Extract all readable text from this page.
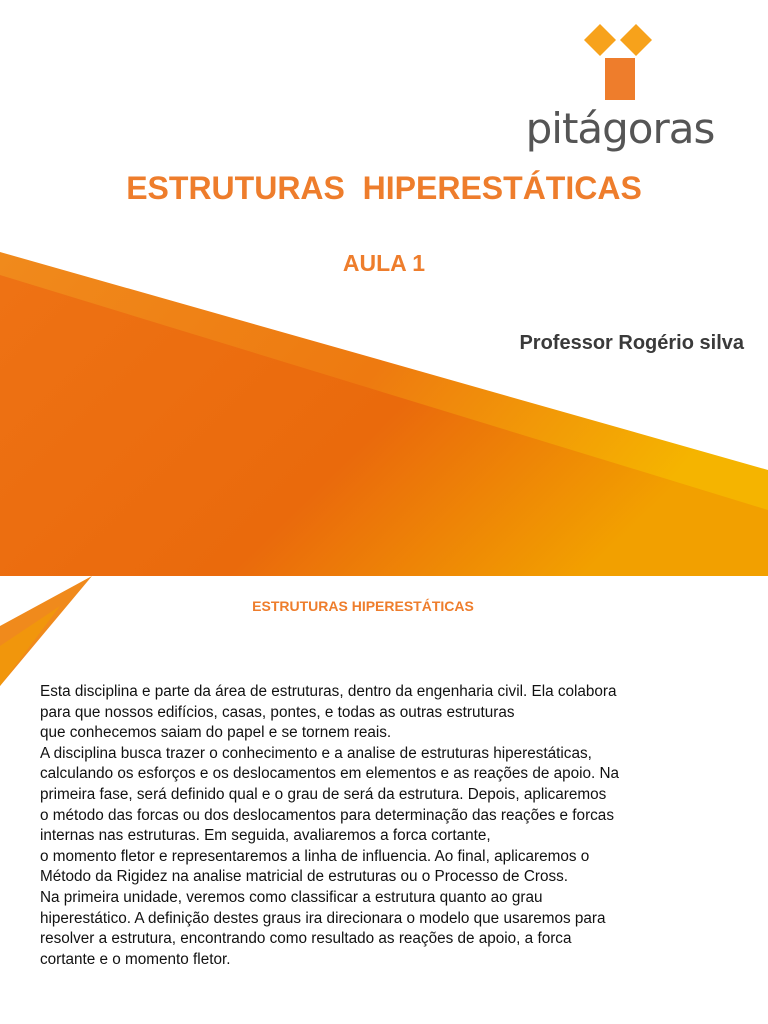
pitágoras
ESTRUTURAS  HIPERESTÁTICAS
AULA 1
Professor Rogério silva
ESTRUTURAS HIPERESTÁTICAS
Esta disciplina e parte da área de estruturas, dentro da engenharia civil. Ela colabora
para que nossos edifícios, casas, pontes, e todas as outras estruturas
que conhecemos saiam do papel e se tornem reais.
A disciplina busca trazer o conhecimento e a analise de estruturas hiperestáticas,
calculando os esforços e os deslocamentos em elementos e as reações de apoio. Na
primeira fase, será definido qual e o grau de será da estrutura. Depois, aplicaremos
o método das forcas ou dos deslocamentos para determinação das reações e forcas
internas nas estruturas. Em seguida, avaliaremos a forca cortante,
o momento fletor e representaremos a linha de influencia. Ao final, aplicaremos o
Método da Rigidez na analise matricial de estruturas ou o Processo de Cross.
Na primeira unidade, veremos como classificar a estrutura quanto ao grau
hiperestático. A definição destes graus ira direcionara o modelo que usaremos para
resolver a estrutura, encontrando como resultado as reações de apoio, a forca
cortante e o momento fletor.
